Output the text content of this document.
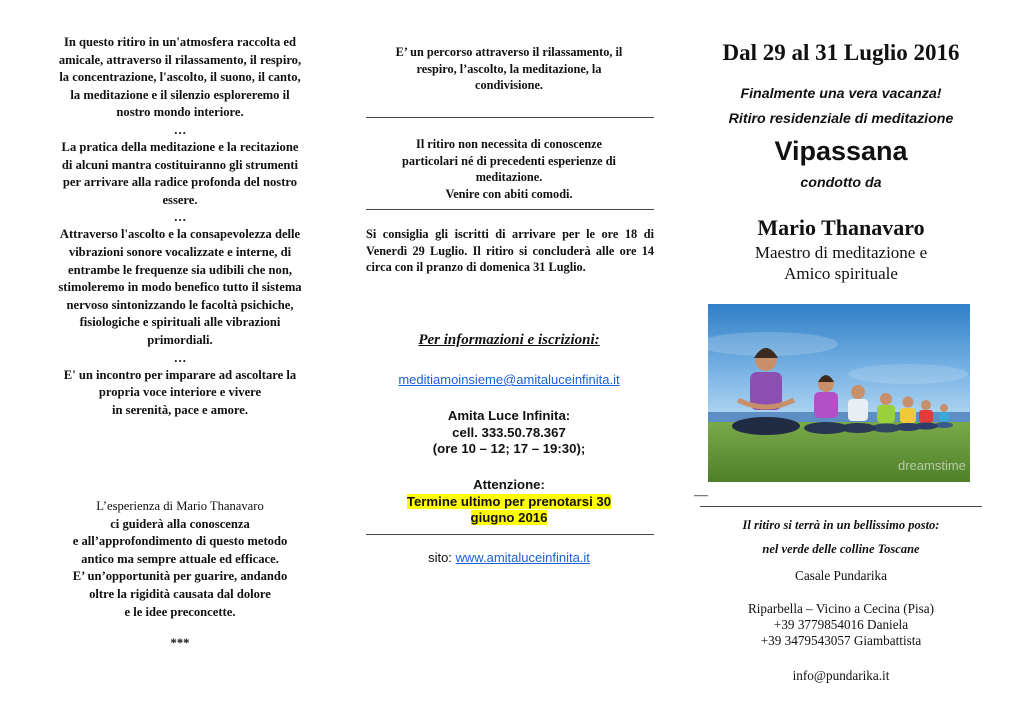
In questo ritiro in un'atmosfera raccolta ed

amicale, attraverso il rilassamento, il respiro,

la concentrazione, l'ascolto, il suono, il canto,

la meditazione e il silenzio esploreremo il

nostro mondo interiore.

…

La pratica della meditazione e la recitazione

di alcuni mantra costituiranno gli strumenti

per arrivare alla radice profonda del nostro

essere.

…

Attraverso l'ascolto e la consapevolezza delle

vibrazioni sonore vocalizzate e interne, di

entrambe le frequenze sia udibili che non,

stimoleremo in modo benefico tutto il sistema

nervoso sintonizzando le facoltà psichiche,

fisiologiche e spirituali alle vibrazioni

primordiali.

…

E' un incontro per imparare ad ascoltare la

propria voce interiore e vivere

in serenità, pace e amore.

L’esperienza di Mario Thanavaro

ci guiderà alla conoscenza

e all’approfondimento di questo metodo

antico ma sempre attuale ed efficace.

E’ un’opportunità per guarire, andando

oltre la rigidità causata dal dolore

e le idee preconcette.

***

E’ un percorso attraverso il rilassamento, il

respiro, l’ascolto, la meditazione, la

condivisione.

Il ritiro non necessita di conoscenze

particolari né di precedenti esperienze di

meditazione.

Venire con abiti comodi.

Si consiglia gli iscritti di arrivare per le ore 18 di Venerdì 29 Luglio. Il ritiro si concluderà alle ore 14 circa con il pranzo di domenica 31 Luglio.

Per informazioni e iscrizioni:
meditiamoinsieme@amitaluceinfinita.it
Amita Luce Infinita:
cell. 333.50.78.367
(ore 10 – 12; 17 – 19:30);
Attenzione:
Termine ultimo per prenotarsi 30
giugno 2016
sito: www.amitaluceinfinita.it
Dal 29 al 31 Luglio 2016
Finalmente una vera vacanza!
Ritiro residenziale di meditazione
Vipassana
condotto da
Mario Thanavaro
Maestro di meditazione e
Amico spirituale
—
Il ritiro si terrà in un bellissimo posto:
nel verde delle colline Toscane
Casale Pundarika
Riparbella – Vicino a Cecina (Pisa)
+39 3779854016 Daniela
+39 3479543057 Giambattista
info@pundarika.it
dreamstime
